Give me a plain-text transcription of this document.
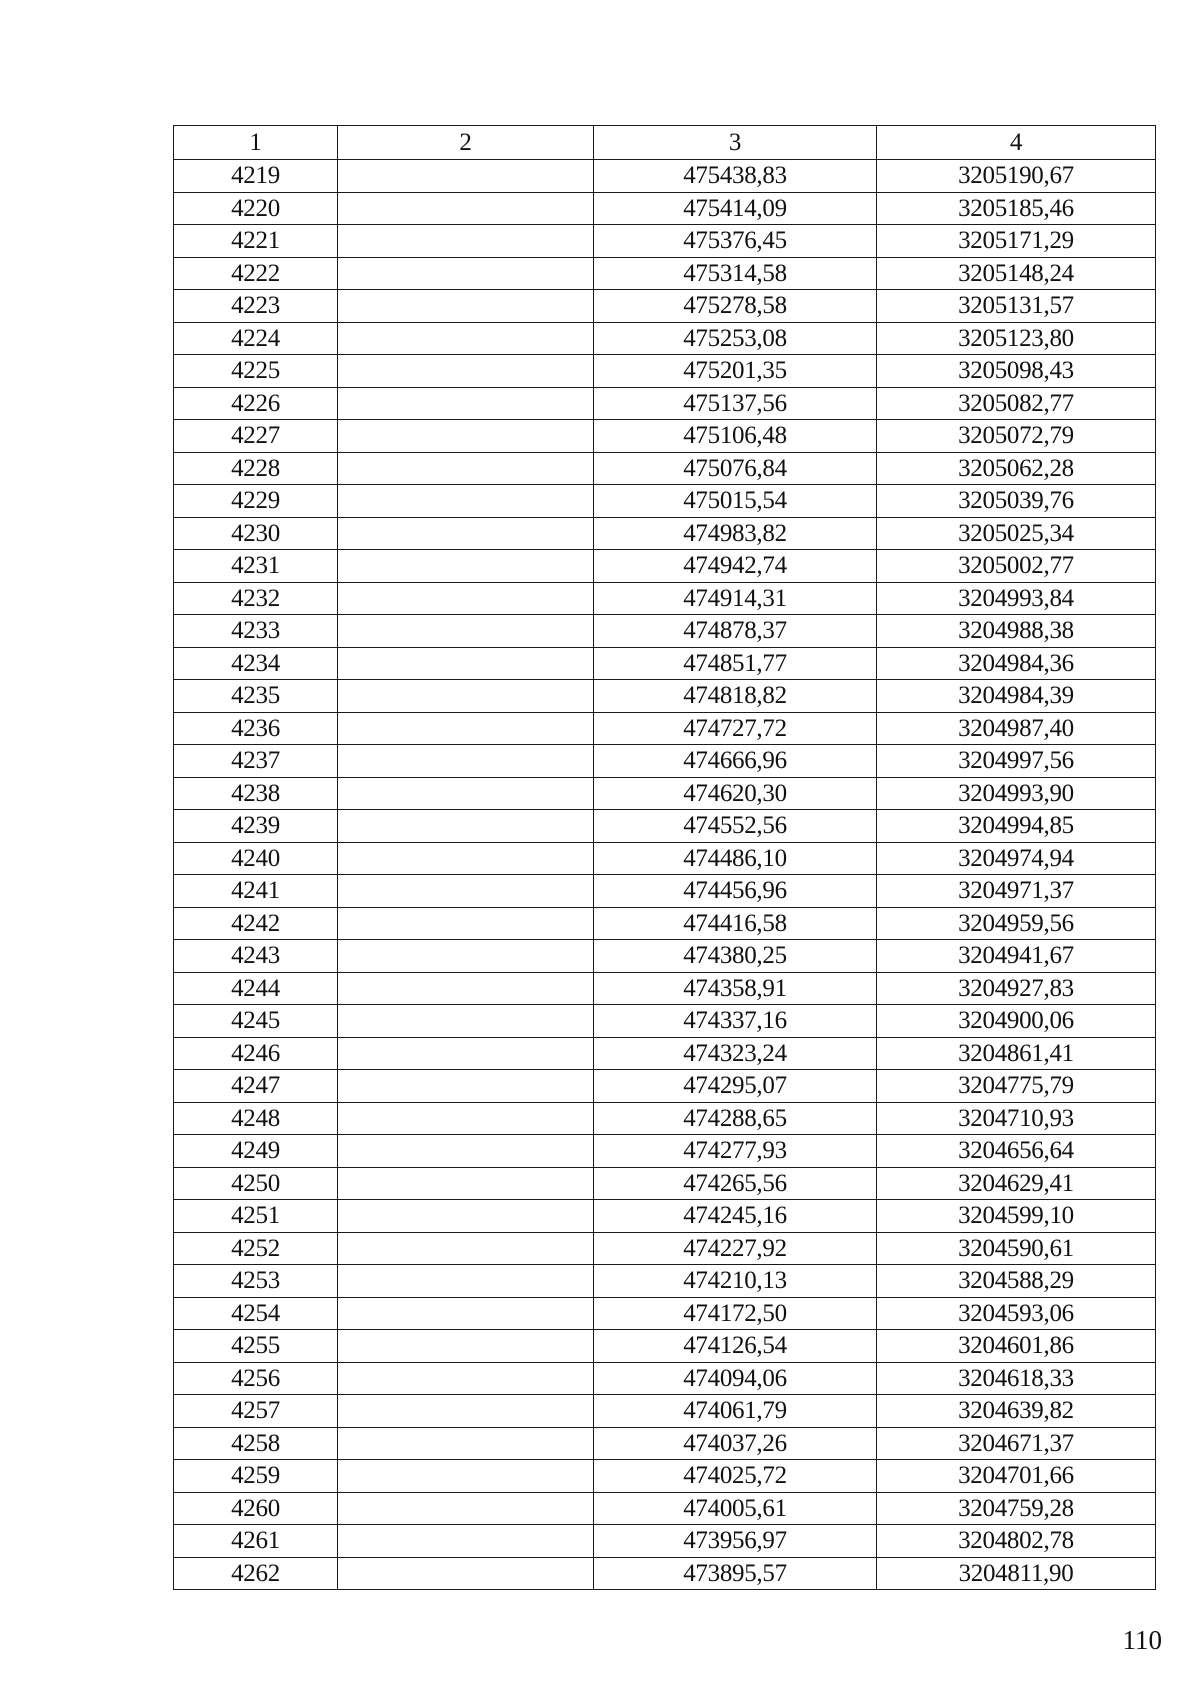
1	2	3	4
4219		475438,83	3205190,67
4220		475414,09	3205185,46
4221		475376,45	3205171,29
4222		475314,58	3205148,24
4223		475278,58	3205131,57
4224		475253,08	3205123,80
4225		475201,35	3205098,43
4226		475137,56	3205082,77
4227		475106,48	3205072,79
4228		475076,84	3205062,28
4229		475015,54	3205039,76
4230		474983,82	3205025,34
4231		474942,74	3205002,77
4232		474914,31	3204993,84
4233		474878,37	3204988,38
4234		474851,77	3204984,36
4235		474818,82	3204984,39
4236		474727,72	3204987,40
4237		474666,96	3204997,56
4238		474620,30	3204993,90
4239		474552,56	3204994,85
4240		474486,10	3204974,94
4241		474456,96	3204971,37
4242		474416,58	3204959,56
4243		474380,25	3204941,67
4244		474358,91	3204927,83
4245		474337,16	3204900,06
4246		474323,24	3204861,41
4247		474295,07	3204775,79
4248		474288,65	3204710,93
4249		474277,93	3204656,64
4250		474265,56	3204629,41
4251		474245,16	3204599,10
4252		474227,92	3204590,61
4253		474210,13	3204588,29
4254		474172,50	3204593,06
4255		474126,54	3204601,86
4256		474094,06	3204618,33
4257		474061,79	3204639,82
4258		474037,26	3204671,37
4259		474025,72	3204701,66
4260		474005,61	3204759,28
4261		473956,97	3204802,78
4262		473895,57	3204811,90
110
